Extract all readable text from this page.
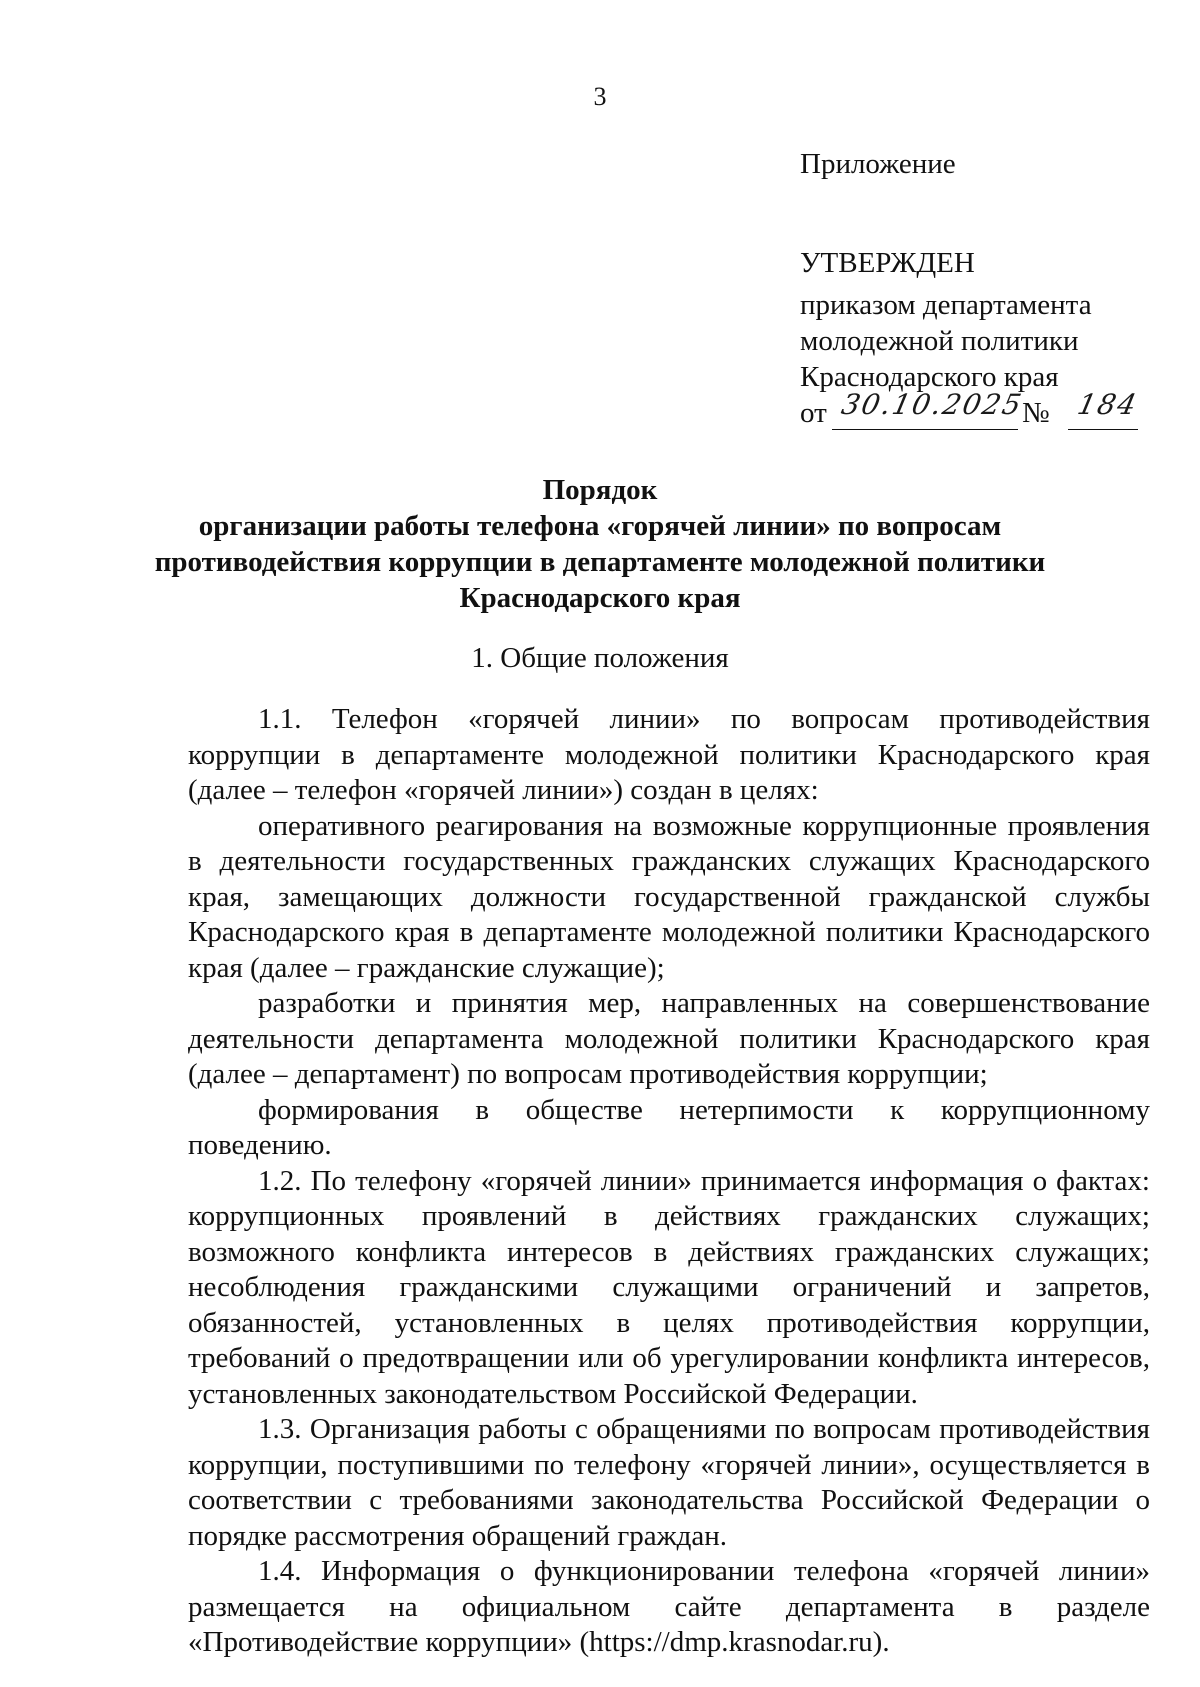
3
Приложение
УТВЕРЖДЕН
приказом департамента
молодежной политики
Краснодарского края
от 30.10.2025
№ 184
Порядок
организации работы телефона «горячей линии» по вопросам
противодействия коррупции в департаменте молодежной политики
Краснодарского края
1. Общие положения

1.1. Телефон «горячей линии» по вопросам противодействия коррупции в департаменте молодежной политики Краснодарского края (далее – телефон «горячей линии») создан в целях:

оперативного реагирования на возможные коррупционные проявления в деятельности государственных гражданских служащих Краснодарского края, замещающих должности государственной гражданской службы Краснодарского края в департаменте молодежной политики Краснодарского края (далее – гражданские служащие);

разработки и принятия мер, направленных на совершенствование деятельности департамента молодежной политики Краснодарского края (далее – департамент) по вопросам противодействия коррупции;

формирования в обществе нетерпимости к коррупционному поведению.

1.2. По телефону «горячей линии» принимается информация о фактах: коррупционных проявлений в действиях гражданских служащих; возможного конфликта интересов в действиях гражданских служащих; несоблюдения гражданскими служащими ограничений и запретов, обязанностей, установленных в целях противодействия коррупции, требований о предотвращении или об урегулировании конфликта интересов, установленных законодательством Российской Федерации.

1.3. Организация работы с обращениями по вопросам противодействия коррупции, поступившими по телефону «горячей линии», осуществляется в соответствии с требованиями законодательства Российской Федерации о порядке рассмотрения обращений граждан.

1.4. Информация о функционировании телефона «горячей линии» размещается на официальном сайте департамента в разделе «Противодействие коррупции» (https://dmp.krasnodar.ru).
